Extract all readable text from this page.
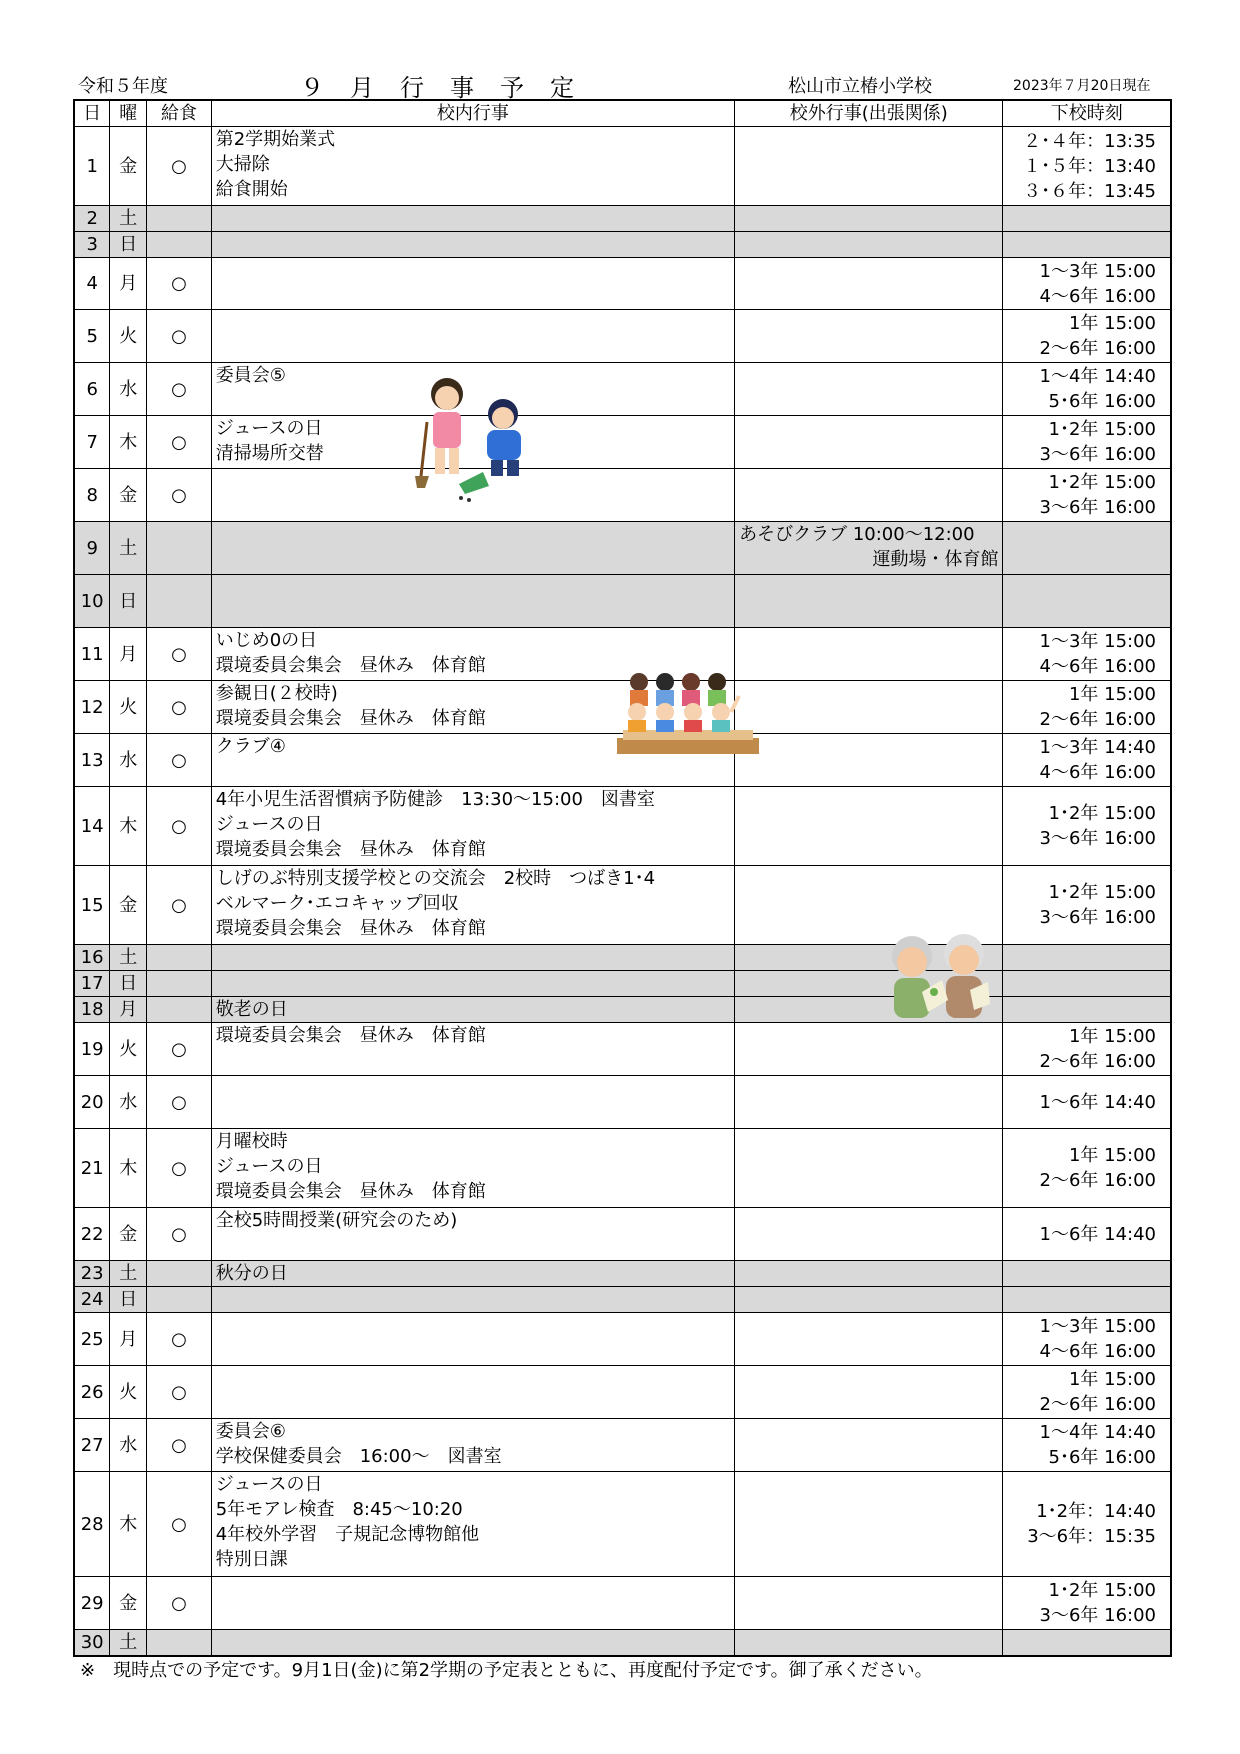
令和５年度	９月行事予定	松山市立椿小学校	2023年７月20日現在
日	曜	給食	校内行事	校外行事(出張関係)	下校時刻
1	金	○	第2学期始業式
大掃除
給食開始		２･４年：13:35
１･５年：13:40
３･６年：13:45
2	土				
3	日				
4	月	○			1～3年 15:00
4～6年 16:00
5	火	○			1年 15:00
2～6年 16:00
6	水	○	委員会⑤		1～4年 14:40
5･6年 16:00
7	木	○	ジュースの日
清掃場所交替		1･2年 15:00
3～6年 16:00
8	金	○			1･2年 15:00
3～6年 16:00
9	土			あそびクラブ 10:00～12:00
運動場・体育館	

10	日				
11	月	○	いじめ0の日
環境委員会集会　昼休み　体育館		1～3年 15:00
4～6年 16:00
12	火	○	参観日(２校時)
環境委員会集会　昼休み　体育館		1年 15:00
2～6年 16:00
13	水	○	クラブ④		1～3年 14:40
4～6年 16:00
14	木	○	4年小児生活習慣病予防健診　13:30～15:00　図書室
ジュースの日
環境委員会集会　昼休み　体育館		1･2年 15:00
3～6年 16:00
15	金	○	しげのぶ特別支援学校との交流会　2校時　つばき1･4
ベルマーク･エコキャップ回収
環境委員会集会　昼休み　体育館		1･2年 15:00
3～6年 16:00
16	土				
17	日				
18	月		敬老の日		
19	火	○	環境委員会集会　昼休み　体育館		1年 15:00
2～6年 16:00
20	水	○			1～6年 14:40
21	木	○	月曜校時
ジュースの日
環境委員会集会　昼休み　体育館		1年 15:00
2～6年 16:00
22	金	○	全校5時間授業(研究会のため)		1～6年 14:40
23	土		秋分の日		
24	日				
25	月	○			1～3年 15:00
4～6年 16:00
26	火	○			1年 15:00
2～6年 16:00
27	水	○	委員会⑥
学校保健委員会　16:00～　図書室		1～4年 14:40
5･6年 16:00
28	木	○	ジュースの日
5年モアレ検査　8:45～10:20
4年校外学習　子規記念博物館他
特別日課		1･2年：14:40
3～6年：15:35
29	金	○			1･2年 15:00
3～6年 16:00
30	土				
※　現時点での予定です。9月1日(金)に第2学期の予定表とともに、再度配付予定です。御了承ください。
